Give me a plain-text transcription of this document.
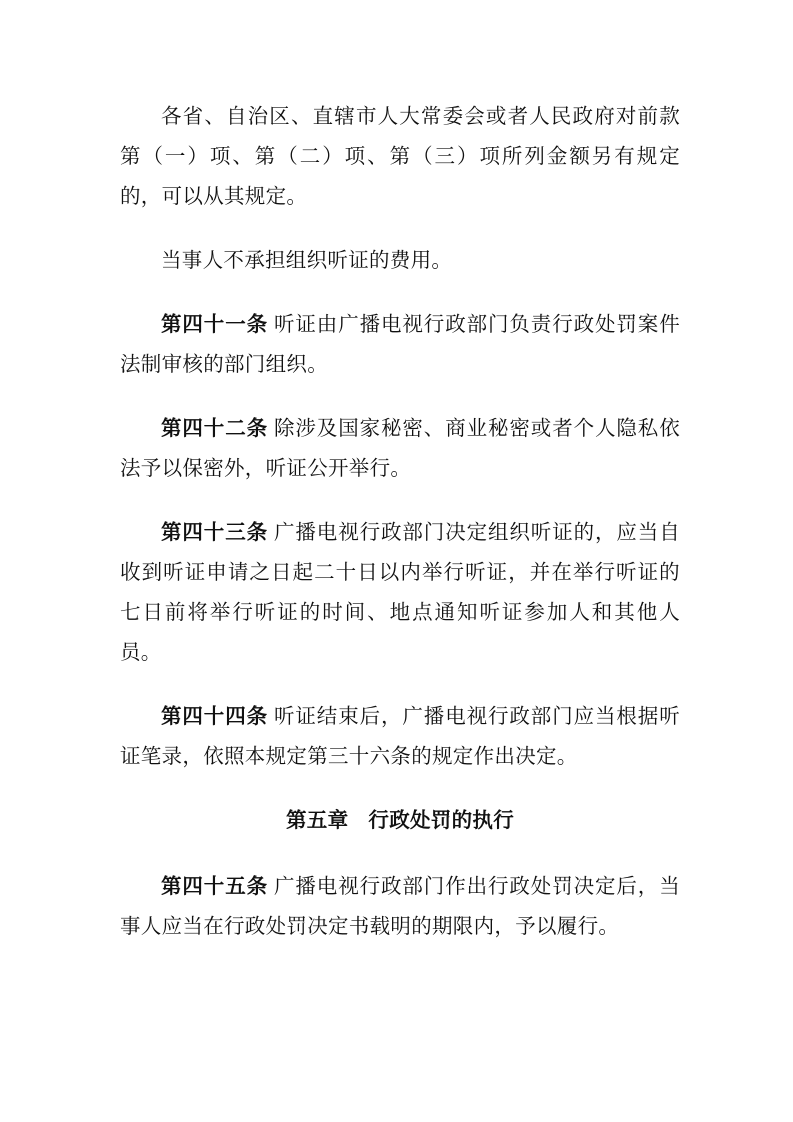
各省、自治区、直辖市人大常委会或者人民政府对前款第（一）项、第（二）项、第（三）项所列金额另有规定的，可以从其规定。

当事人不承担组织听证的费用。

第四十一条 听证由广播电视行政部门负责行政处罚案件法制审核的部门组织。

第四十二条 除涉及国家秘密、商业秘密或者个人隐私依法予以保密外，听证公开举行。

第四十三条 广播电视行政部门决定组织听证的，应当自收到听证申请之日起二十日以内举行听证，并在举行听证的七日前将举行听证的时间、地点通知听证参加人和其他人员。

第四十四条 听证结束后，广播电视行政部门应当根据听证笔录，依照本规定第三十六条的规定作出决定。

第五章 行政处罚的执行

第四十五条 广播电视行政部门作出行政处罚决定后，当事人应当在行政处罚决定书载明的期限内，予以履行。
